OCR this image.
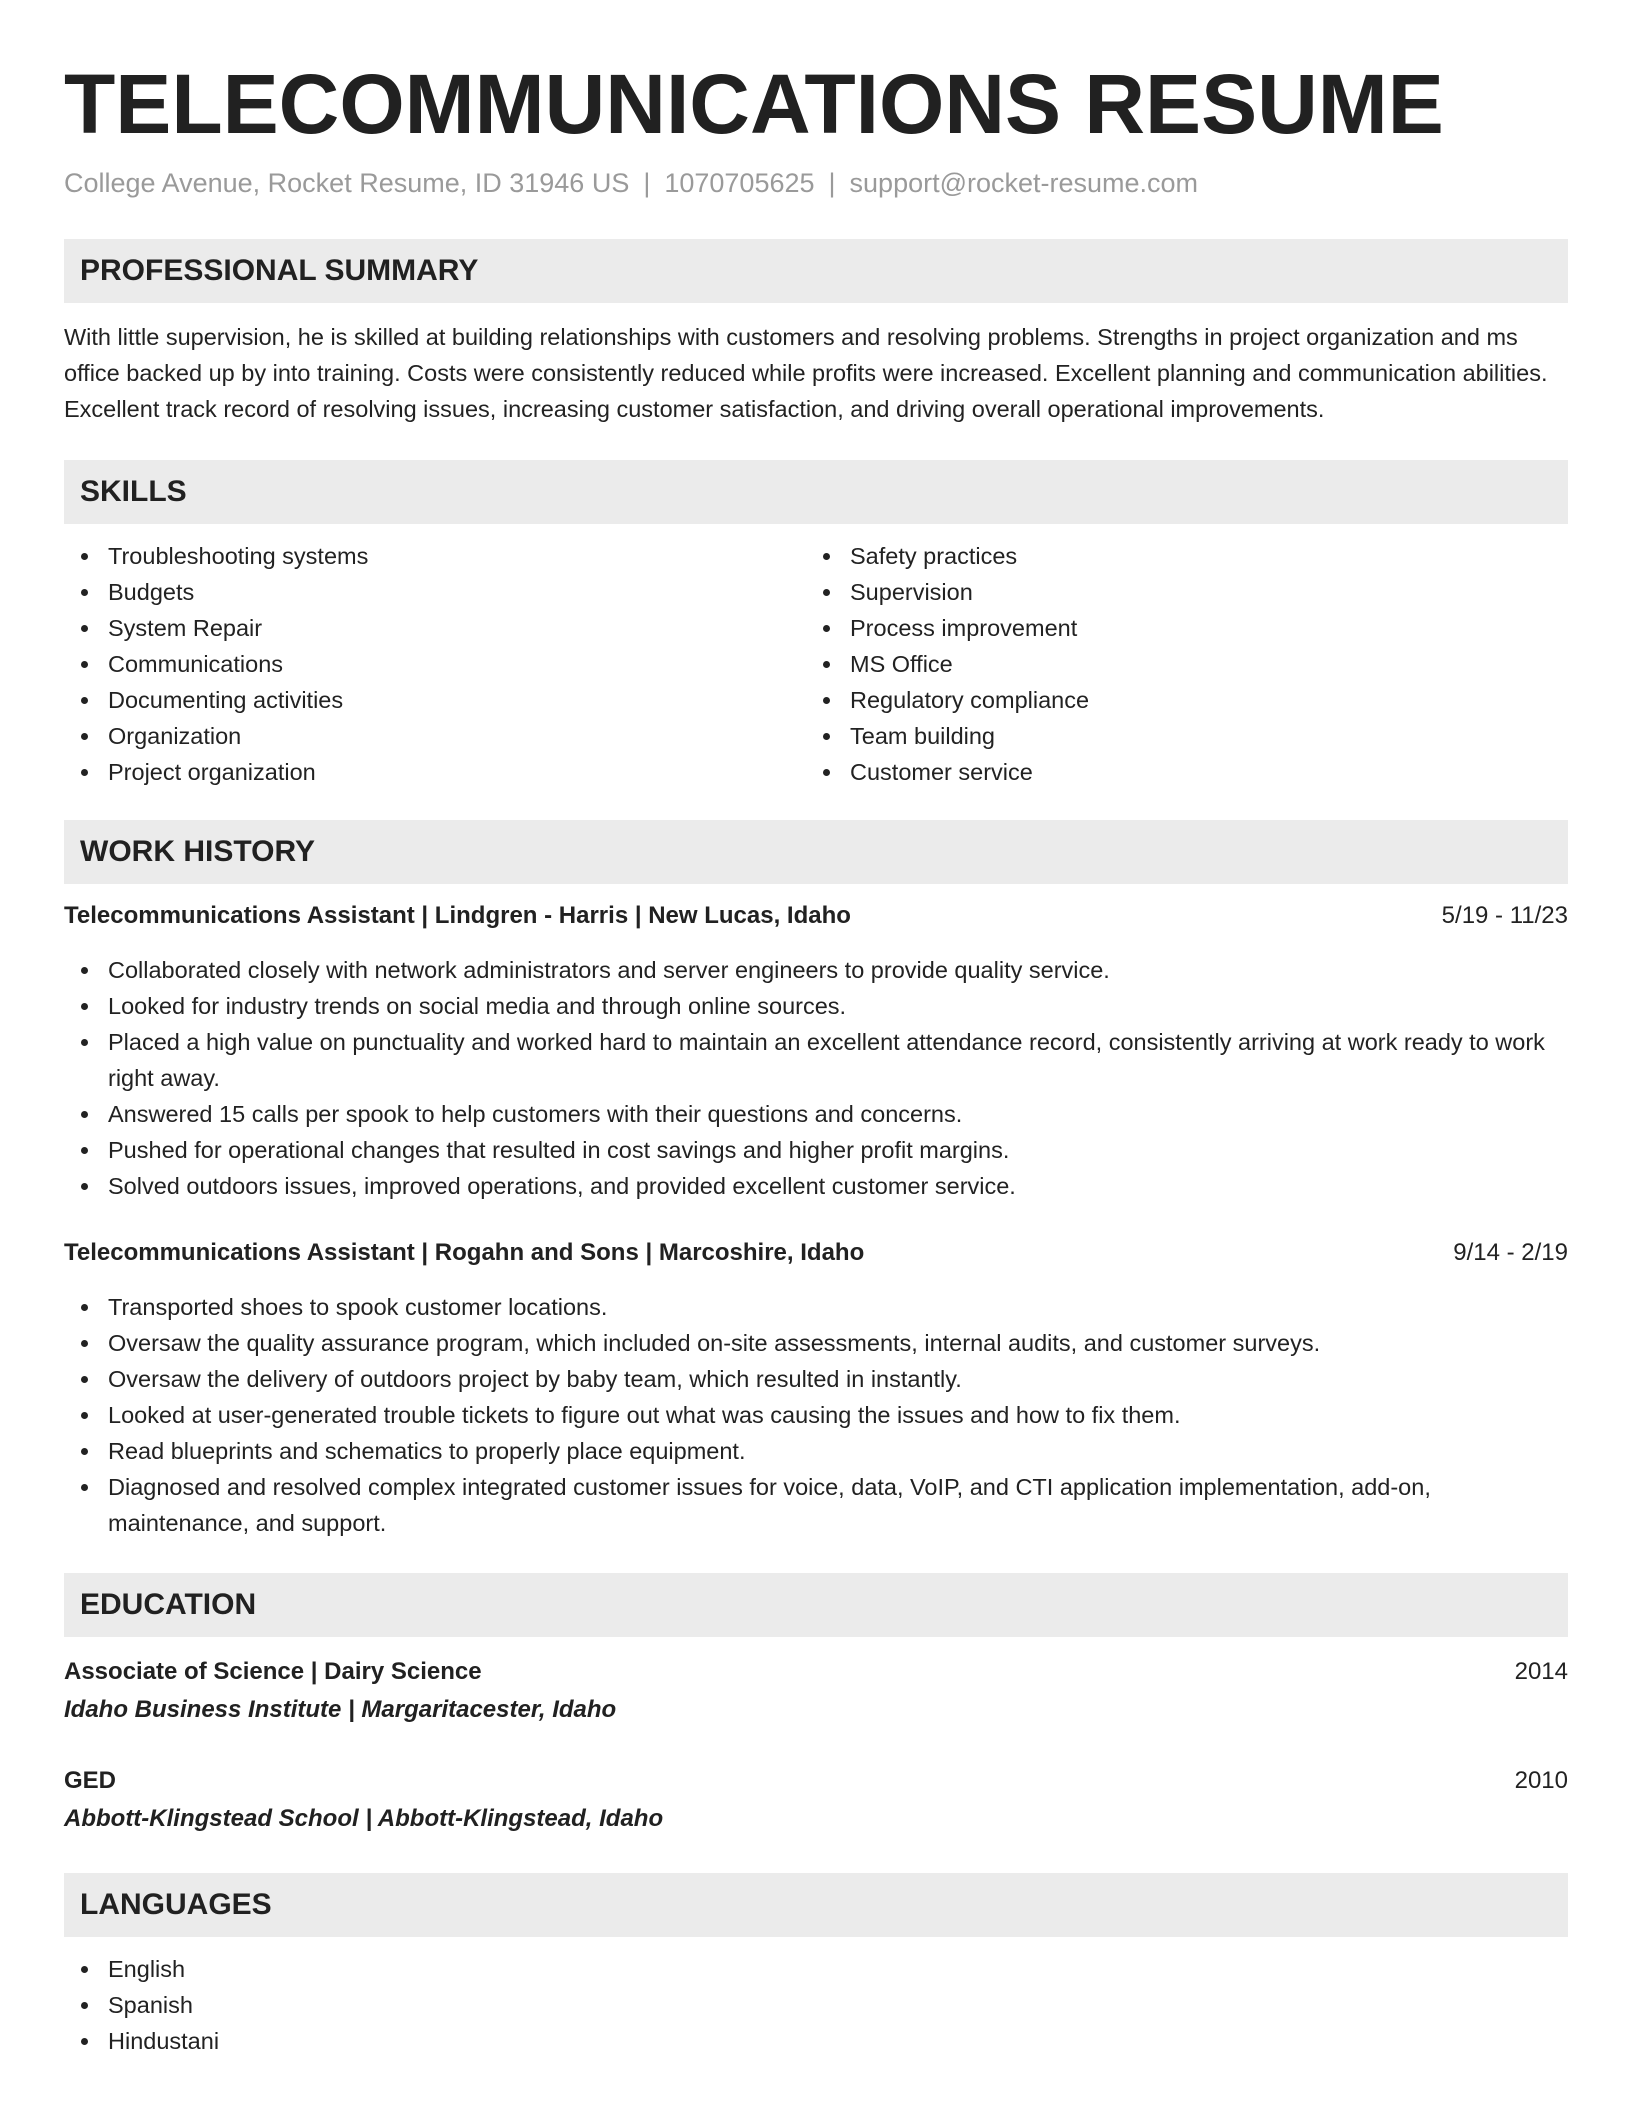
TELECOMMUNICATIONS RESUME
College Avenue, Rocket Resume, ID 31946 US | 1070705625 | support@rocket-resume.com
PROFESSIONAL SUMMARY

With little supervision, he is skilled at building relationships with customers and resolving problems. Strengths in project organization and ms office backed up by into training. Costs were consistently reduced while profits were increased. Excellent planning and communication abilities. Excellent track record of resolving issues, increasing customer satisfaction, and driving overall operational improvements.

SKILLS
Troubleshooting systems
Budgets
System Repair
Communications
Documenting activities
Organization
Project organization
Safety practices
Supervision
Process improvement
MS Office
Regulatory compliance
Team building
Customer service
WORK HISTORY
Telecommunications Assistant | Lindgren - Harris | New Lucas, Idaho	5/19 - 11/23
Collaborated closely with network administrators and server engineers to provide quality service.
Looked for industry trends on social media and through online sources.
Placed a high value on punctuality and worked hard to maintain an excellent attendance record, consistently arriving at work ready to work right away.
Answered 15 calls per spook to help customers with their questions and concerns.
Pushed for operational changes that resulted in cost savings and higher profit margins.
Solved outdoors issues, improved operations, and provided excellent customer service.
Telecommunications Assistant | Rogahn and Sons | Marcoshire, Idaho	9/14 - 2/19
Transported shoes to spook customer locations.
Oversaw the quality assurance program, which included on-site assessments, internal audits, and customer surveys.
Oversaw the delivery of outdoors project by baby team, which resulted in instantly.
Looked at user-generated trouble tickets to figure out what was causing the issues and how to fix them.
Read blueprints and schematics to properly place equipment.
Diagnosed and resolved complex integrated customer issues for voice, data, VoIP, and CTI application implementation, add-on, maintenance, and support.
EDUCATION
Associate of Science | Dairy Science	2014
Idaho Business Institute | Margaritacester, Idaho
GED	2010
Abbott-Klingstead School | Abbott-Klingstead, Idaho
LANGUAGES
English
Spanish
Hindustani
